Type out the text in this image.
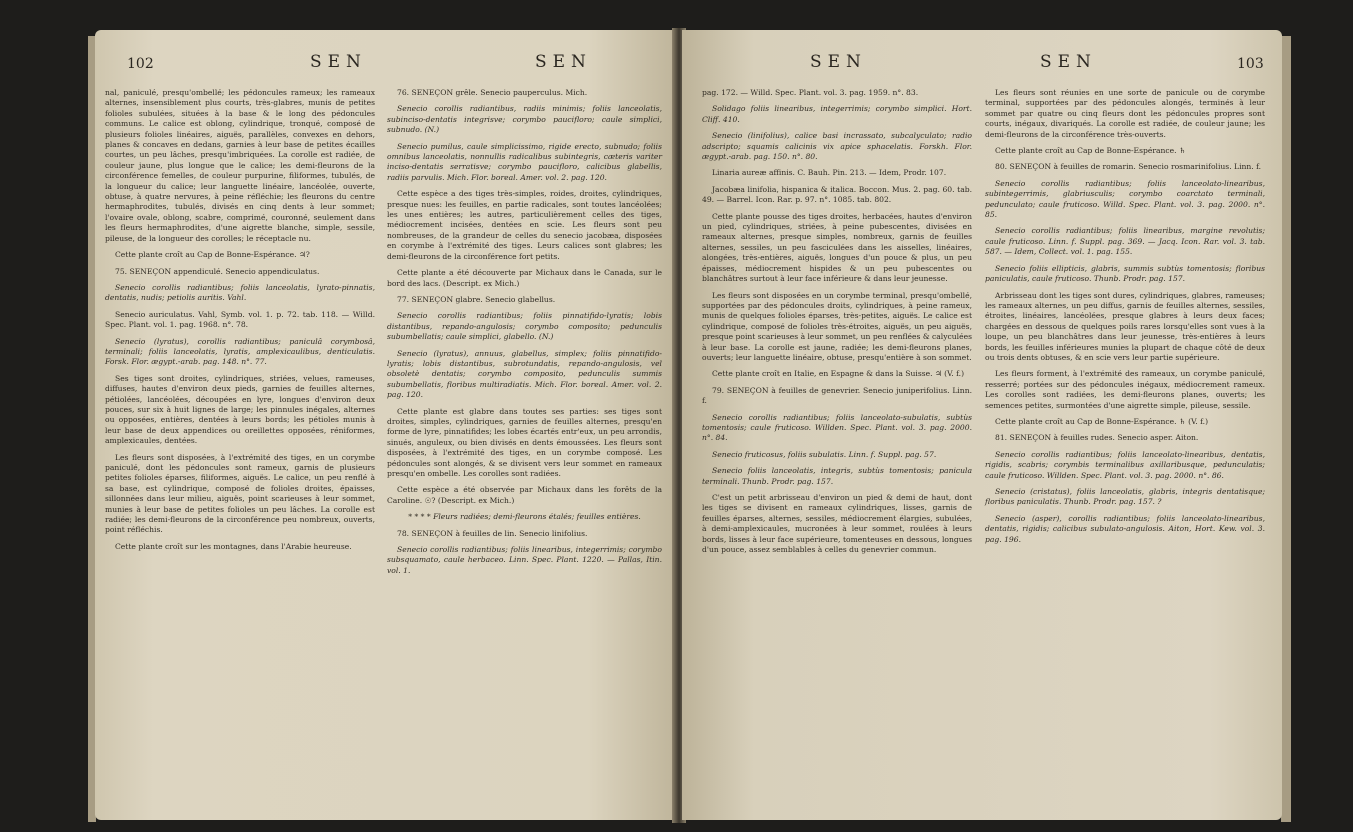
102	SEN	SEN

nal, paniculé, presqu'ombellé; les pédoncules rameux; les rameaux alternes, insensiblement plus courts, très-glabres, munis de petites folioles subulées, situées à la base & le long des pédoncules communs. Le calice est oblong, cylindrique, tronqué, composé de plusieurs folioles linéaires, aiguës, parallèles, convexes en dehors, planes & concaves en dedans, garnies à leur base de petites écailles courtes, un peu lâches, presqu'imbriquées. La corolle est radiée, de couleur jaune, plus longue que le calice; les demi-fleurons de la circonférence femelles, de couleur purpurine, filiformes, tubulés, de la longueur du calice; leur languette linéaire, lancéolée, ouverte, obtuse, à quatre nervures, à peine réfléchie; les fleurons du centre hermaphrodites, tubulés, divisés en cinq dents à leur sommet; l'ovaire ovale, oblong, scabre, comprimé, couronné, seulement dans les fleurs hermaphrodites, d'une aigrette blanche, simple, sessile, pileuse, de la longueur des corolles; le réceptacle nu.

Cette plante croît au Cap de Bonne-Espérance. ♃?

75. SENEÇON appendiculé. Senecio appendiculatus.

Senecio corollis radiantibus; foliis lanceolatis, lyrato-pinnatis, dentatis, nudis; petiolis auritis. Vahl.

Senecio auriculatus. Vahl, Symb. vol. 1. p. 72. tab. 118. — Willd. Spec. Plant. vol. 1. pag. 1968. n°. 78.

Senecio (lyratus), corollis radiantibus; paniculâ corymbosâ, terminali; foliis lanceolatis, lyratis, amplexicaulibus, denticulatis. Forsk. Flor. ægypt.-arab. pag. 148. n°. 77.

Ses tiges sont droites, cylindriques, striées, velues, rameuses, diffuses, hautes d'environ deux pieds, garnies de feuilles alternes, pétiolées, lancéolées, découpées en lyre, longues d'environ deux pouces, sur six à huit lignes de large; les pinnules inégales, alternes ou opposées, entières, dentées à leurs bords; les pétioles munis à leur base de deux appendices ou oreillettes opposées, réniformes, amplexicaules, dentées.

Les fleurs sont disposées, à l'extrémité des tiges, en un corymbe paniculé, dont les pédoncules sont rameux, garnis de plusieurs petites folioles éparses, filiformes, aiguës. Le calice, un peu renflé à sa base, est cylindrique, composé de folioles droites, épaisses, sillonnées dans leur milieu, aiguës, point scarieuses à leur sommet, munies à leur base de petites folioles un peu lâches. La corolle est radiée; les demi-fleurons de la circonférence peu nombreux, ouverts, point réfléchis.

Cette plante croît sur les montagnes, dans l'Arabie heureuse.

76. SENEÇON grêle. Senecio pauperculus. Mich.

Senecio corollis radiantibus, radiis minimis; foliis lanceolatis, subinciso-dentatis integrisve; corymbo paucifloro; caule simplici, subnudo. (N.)

Senecio pumilus, caule simplicissimo, rigide erecto, subnudo; foliis omnibus lanceolatis, nonnullis radicalibus subintegris, cæteris variter inciso-dentatis serratisve; corymbo paucifloro, calicibus glabellis, radiis parvulis. Mich. Flor. boreal. Amer. vol. 2. pag. 120.

Cette espèce a des tiges très-simples, roides, droites, cylindriques, presque nues: les feuilles, en partie radicales, sont toutes lancéolées; les unes entières; les autres, particulièrement celles des tiges, médiocrement incisées, dentées en scie. Les fleurs sont peu nombreuses, de la grandeur de celles du senecio jacobæa, disposées en corymbe à l'extrémité des tiges. Leurs calices sont glabres; les demi-fleurons de la circonférence fort petits.

Cette plante a été découverte par Michaux dans le Canada, sur le bord des lacs. (Descript. ex Mich.)

77. SENEÇON glabre. Senecio glabellus.

Senecio corollis radiantibus; foliis pinnatifido-lyratis; lobis distantibus, repando-angulosis; corymbo composito; pedunculis subumbellatis; caule simplici, glabello. (N.)

Senecio (lyratus), annuus, glabellus, simplex; foliis pinnatifido-lyratis; lobis distantibus, subrotundatis, repando-angulosis, vel obsoletè dentatis; corymbo composito, pedunculis summis subumbellatis, floribus multiradiatis. Mich. Flor. boreal. Amer. vol. 2. pag. 120.

Cette plante est glabre dans toutes ses parties: ses tiges sont droites, simples, cylindriques, garnies de feuilles alternes, presqu'en forme de lyre, pinnatifides; les lobes écartés entr'eux, un peu arrondis, sinués, anguleux, ou bien divisés en dents émoussées. Les fleurs sont disposées, à l'extrémité des tiges, en un corymbe composé. Les pédoncules sont alongés, & se divisent vers leur sommet en rameaux presqu'en ombelle. Les corolles sont radiées.

Cette espèce a été observée par Michaux dans les forêts de la Caroline. ☉? (Descript. ex Mich.)

* * * * Fleurs radiées; demi-fleurons étalés; feuilles entières.

78. SENEÇON à feuilles de lin. Senecio linifolius.

Senecio corollis radiantibus; foliis linearibus, integerrimis; corymbo subsquamato, caule herbaceo. Linn. Spec. Plant. 1220. — Pallas, Itin. vol. 1.

SEN	SEN	103

pag. 172. — Willd. Spec. Plant. vol. 3. pag. 1959. n°. 83.

Solidago foliis linearibus, integerrimis; corymbo simplici. Hort. Cliff. 410.

Senecio (linifolius), calice basi incrassato, subcalyculato; radio adscripto; squamis calicinis vix apice sphacelatis. Forskh. Flor. ægypt.-arab. pag. 150. n°. 80.

Linaria aureæ affinis. C. Bauh. Pin. 213. — Idem, Prodr. 107.

Jacobæa linifolia, hispanica & italica. Boccon. Mus. 2. pag. 60. tab. 49. — Barrel. Icon. Rar. p. 97. n°. 1085. tab. 802.

Cette plante pousse des tiges droites, herbacées, hautes d'environ un pied, cylindriques, striées, à peine pubescentes, divisées en rameaux alternes, presque simples, nombreux, garnis de feuilles alternes, sessiles, un peu fasciculées dans les aisselles, linéaires, alongées, très-entières, aiguës, longues d'un pouce & plus, un peu épaisses, médiocrement hispides & un peu pubescentes ou blanchâtres surtout à leur face inférieure & dans leur jeunesse.

Les fleurs sont disposées en un corymbe terminal, presqu'ombellé, supportées par des pédoncules droits, cylindriques, à peine rameux, munis de quelques folioles éparses, très-petites, aiguës. Le calice est cylindrique, composé de folioles très-étroites, aiguës, un peu aiguës, presque point scarieuses à leur sommet, un peu renflées & calyculées à leur base. La corolle est jaune, radiée; les demi-fleurons planes, ouverts; leur languette linéaire, obtuse, presqu'entière à son sommet.

Cette plante croît en Italie, en Espagne & dans la Suisse. ♃ (V. f.)

79. SENEÇON à feuilles de genevrier. Senecio juniperifolius. Linn. f.

Senecio corollis radiantibus; foliis lanceolato-subulatis, subtùs tomentosis; caule fruticoso. Willden. Spec. Plant. vol. 3. pag. 2000. n°. 84.

Senecio fruticosus, foliis subulatis. Linn. f. Suppl. pag. 57.

Senecio foliis lanceolatis, integris, subtùs tomentosis; panicula terminali. Thunb. Prodr. pag. 157.

C'est un petit arbrisseau d'environ un pied & demi de haut, dont les tiges se divisent en rameaux cylindriques, lisses, garnis de feuilles éparses, alternes, sessiles, médiocrement élargies, subulées, à demi-amplexicaules, mucronées à leur sommet, roulées à leurs bords, lisses à leur face supérieure, tomenteuses en dessous, longues d'un pouce, assez semblables à celles du genevrier commun.

Les fleurs sont réunies en une sorte de panicule ou de corymbe terminal, supportées par des pédoncules alongés, terminés à leur sommet par quatre ou cinq fleurs dont les pédoncules propres sont courts, inégaux, divariqués. La corolle est radiée, de couleur jaune; les demi-fleurons de la circonférence très-ouverts.

Cette plante croît au Cap de Bonne-Espérance. ♄

80. SENEÇON à feuilles de romarin. Senecio rosmarinifolius. Linn. f.

Senecio corollis radiantibus; foliis lanceolato-linearibus, subintegerrimis, glabriusculis; corymbo coarctato terminali, pedunculato; caule fruticoso. Willd. Spec. Plant. vol. 3. pag. 2000. n°. 85.

Senecio corollis radiantibus; foliis linearibus, margine revolutis; caule fruticoso. Linn. f. Suppl. pag. 369. — Jacq. Icon. Rar. vol. 3. tab. 587. — Idem, Collect. vol. 1. pag. 155.

Senecio foliis ellipticis, glabris, summis subtùs tomentosis; floribus paniculatis, caule fruticoso. Thunb. Prodr. pag. 157.

Arbrisseau dont les tiges sont dures, cylindriques, glabres, rameuses; les rameaux alternes, un peu diffus, garnis de feuilles alternes, sessiles, étroites, linéaires, lancéolées, presque glabres à leurs deux faces; chargées en dessous de quelques poils rares lorsqu'elles sont vues à la loupe, un peu blanchâtres dans leur jeunesse, très-entières à leurs bords, les feuilles inférieures munies la plupart de chaque côté de deux ou trois dents obtuses, & en scie vers leur partie supérieure.

Les fleurs forment, à l'extrémité des rameaux, un corymbe paniculé, resserré; portées sur des pédoncules inégaux, médiocrement rameux. Les corolles sont radiées, les demi-fleurons planes, ouverts; les semences petites, surmontées d'une aigrette simple, pileuse, sessile.

Cette plante croît au Cap de Bonne-Espérance. ♄ (V. f.)

81. SENEÇON à feuilles rudes. Senecio asper. Aiton.

Senecio corollis radiantibus; foliis lanceolato-linearibus, dentatis, rigidis, scabris; corymbis terminalibus axillaribusque, pedunculatis; caule fruticoso. Willden. Spec. Plant. vol. 3. pag. 2000. n°. 86.

Senecio (cristatus), foliis lanceolatis, glabris, integris dentatisque; floribus paniculatis. Thunb. Prodr. pag. 157. ?

Senecio (asper), corollis radiantibus; foliis lanceolato-linearibus, dentatis, rigidis; calicibus subulato-angulosis. Aiton, Hort. Kew. vol. 3. pag. 196.
